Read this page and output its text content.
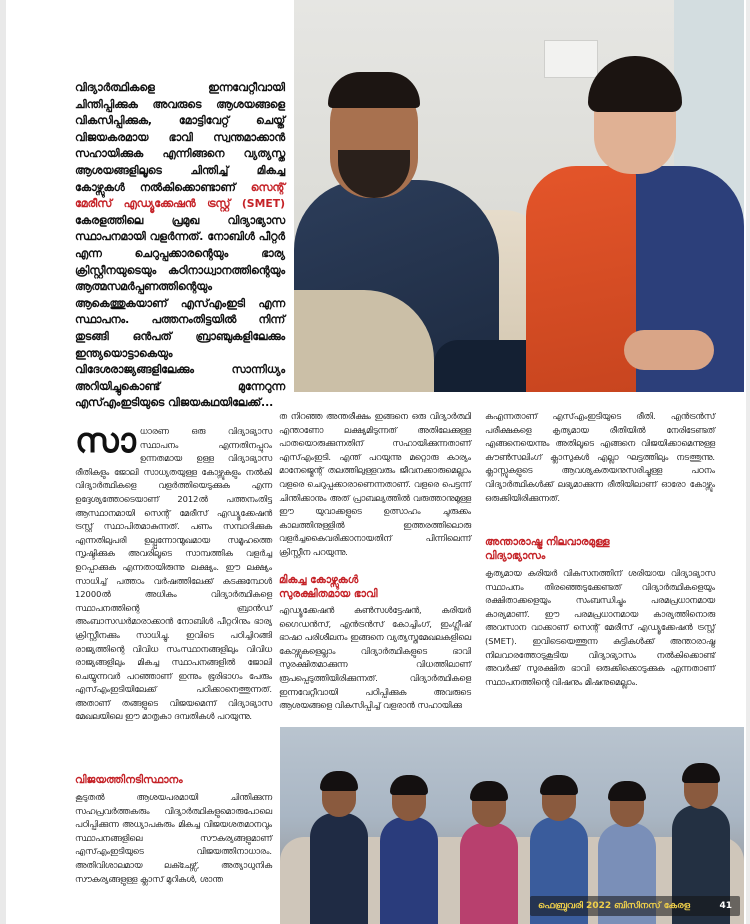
വിദ്യാർത്ഥികളെ ഇന്നവേറ്റീവായി ചിന്തിപ്പിക്കുക അവരുടെ ആശയങ്ങളെ വികസിപ്പിക്കുക, മോട്ടിവേറ്റ് ചെയ്ത് വിജയകരമായ ഭാവി സ്വന്തമാക്കാൻ സഹായിക്കുക എന്നിങ്ങനെ വ്യത്യസ്ത ആശയങ്ങളിലൂടെ ചിന്തിച്ച് മികച്ച കോഴ്സുകൾ നൽകിക്കൊണ്ടാണ് സെന്റ് മേരീസ് എഡ്യൂക്കേഷൻ ട്രസ്റ്റ് (SMET) കേരളത്തിലെ പ്രമുഖ വിദ്യാഭ്യാസ സ്ഥാപനമായി വളർന്നത്. നോബിൾ പീറ്റർ എന്ന ചെറുപ്പക്കാരന്റെയും ഭാര്യ ക്രിസ്റ്റീനയുടെയും കഠിനാധ്വാനത്തിന്റെയും ആത്മസമർപ്പണത്തിന്റെയും ആകെത്തുകയാണ് എസ്എംഇടി എന്ന സ്ഥാപനം. പത്തനംതിട്ടയിൽ നിന്ന് തുടങ്ങി ഒൻപത് ബ്രാഞ്ചുകളിലേക്കും ഇന്ത്യയൊട്ടാകെയും വിദേശരാജ്യങ്ങളിലേക്കും സാന്നിധ്യം അറിയിച്ചുകൊണ്ട് മുന്നേറുന്ന എസ്എംഇടിയുടെ വിജയകഥയിലേക്ക്...

സാധാരണ ഒരു വിദ്യാഭ്യാസ സ്ഥാപനം എന്നതിനപ്പുറം ഉന്നതമായ ഉള്ള വിദ്യാഭ്യാസ രീതികളും ജോലി സാധ്യതയുള്ള കോഴ്സുകളും നൽകി വിദ്യാർത്ഥികളെ വളർത്തിയെടുക്കുക എന്ന ഉദ്ദേശ്യത്തോടെയാണ് 2012ൽ പത്തനംതിട്ട ആസ്ഥാനമായി സെന്റ് മേരീസ് എഡ്യൂക്കേഷൻ ട്രസ്റ്റ് സ്ഥാപിതമാകുന്നത്. പണം സമ്പാദിക്കുക എന്നതിലുപരി ഉല്പ്പന്നോന്മുഖമായ സമൂഹത്തെ സൃഷ്ടിക്കുക അവരിലൂടെ സാമ്പത്തിക വളർച്ച ഉറപ്പാക്കുക എന്നതായിരുന്നു ലക്ഷ്യം. ഈ ലക്ഷ്യം സാധിച്ച് പത്താം വർഷത്തിലേക്ക് കടക്കുമ്പോൾ 12000ൽ അധികം വിദ്യാർത്ഥികളെ സ്ഥാപനത്തിന്റെ ബ്രാൻഡ് അംബാസഡർമാരാക്കാൻ നോബിൾ പീറ്ററിനും ഭാര്യ ക്രിസ്റ്റീനക്കും സാധിച്ചു. ഇവിടെ പഠിച്ചിറങ്ങി രാജ്യത്തിന്റെ വിവിധ സംസ്ഥാനങ്ങളിലും വിവിധ രാജ്യങ്ങളിലും മികച്ച സ്ഥാപനങ്ങളിൽ ജോലി ചെയ്യുന്നവർ പറഞ്ഞാണ് ഇന്നും ഭൂരിഭാഗം പേരും എസ്എംഇടിയിലേക്ക് പഠിക്കാനെത്തുന്നത്. അതാണ് തങ്ങളുടെ വിജയമെന്ന് വിദ്യാഭ്യാസ മേഖലയിലെ ഈ മാതൃകാ ദമ്പതികൾ പറയുന്നു.

വിജയത്തിനടിസ്ഥാനം

കൂടുതൽ ആശയപരമായി ചിന്തിക്കുന്ന സഹപ്രവർത്തകരും വിദ്യാർത്ഥികളുമൊരുപോലെ പഠിപ്പിക്കുന്ന അധ്യാപകരും മികച്ച വിജയശതമാനവും സ്ഥാപനങ്ങളിലെ സൗകര്യങ്ങളുമാണ് എസ്എംഇടിയുടെ വിജയത്തിനാധാരം. അതിവിശാലമായ ലക്ചേഴ്സ്, അത്യാധുനിക സൗകര്യങ്ങളുള്ള ക്ലാസ് മുറികൾ, ശാന്ത

ത നിറഞ്ഞ അന്തരീക്ഷം ഇങ്ങനെ ഒരു വിദ്യാർത്ഥി എന്താണോ ലക്ഷ്യമിടുന്നത് അതിലേക്കുള്ള പാതയൊരുക്കുന്നതിന് സഹായിക്കുന്നതാണ് എസ്എംഇടി. എന്ത് പറയുന്നു മറ്റൊരു കാര്യം മാനേജ്മെന്റ് തലത്തിലുള്ളവരും ജീവനക്കാരുമെല്ലാം വളരെ ചെറുപ്പക്കാരാണെന്നതാണ്. വളരെ പെട്ടന്ന് ചിന്തിക്കാനും അത് പ്രാബല്യത്തിൽ വരുത്താനുമുള്ള ഈ യുവാക്കളുടെ ഉത്സാഹം ചുരുക്കം കാലത്തിനുള്ളിൽ ഇത്തരത്തിലൊരു വളർച്ചകൈവരിക്കാനായതിന് പിന്നിലെന്ന് ക്രിസ്റ്റീന പറയുന്നു.

മികച്ച കോഴ്സുകൾ

സുരക്ഷിതമായ ഭാവി

എഡ്യൂക്കേഷൻ കൺസൾട്ടേഷൻ, കരിയർ ഗൈഡൻസ്, എൻട്രൻസ് കോച്ചിംഗ്, ഇംഗ്ലീഷ് ഭാഷാ പരിശീലനം ഇങ്ങനെ വ്യത്യസ്തമേഖലകളിലെ കോഴ്സുകളെല്ലാം വിദ്യാർത്ഥികളുടെ ഭാവി സുരക്ഷിതമാക്കുന്ന വിധത്തിലാണ് രൂപപ്പെടുത്തിയിരിക്കുന്നത്. വിദ്യാർത്ഥികളെ ഇന്നവേറ്റീവായി പഠിപ്പിക്കുക അവരുടെ ആശയങ്ങളെ വികസിപ്പിച്ച് വളരാൻ സഹായിക്കു

കഎന്നതാണ് എസ്എംഇടിയുടെ രീതി. എൻട്രൻസ് പരീക്ഷകളെ കൃത്യമായ രീതിയിൽ നേരിടേണ്ടത് എങ്ങനെയെന്നും അതിലൂടെ എങ്ങനെ വിജയിക്കാമെന്നുള്ള കൗൺസലിംഗ് ക്ലാസുകൾ എല്ലാ ഘട്ടത്തിലും നടത്തുന്നു. ക്ലാസ്സുകളുടെ ആവശ്യകതയനുസരിച്ചുള്ള പഠനം വിദ്യാർത്ഥികൾക്ക് ലഭ്യമാക്കുന്ന രീതിയിലാണ് ഓരോ കോഴ്സും ഒരുക്കിയിരിക്കുന്നത്.

അന്താരാഷ്ട്ര നിലവാരമുള്ള

വിദ്യാഭ്യാസം

കൃത്യമായ കരിയർ വികസനത്തിന് ശരിയായ വിദ്യാഭ്യാസ സ്ഥാപനം തിരഞ്ഞെടുക്കേണ്ടത് വിദ്യാർത്ഥികളെയും രക്ഷിതാക്കളെയും സംബന്ധിച്ചും പരമപ്രധാനമായ കാര്യമാണ്. ഈ പരമപ്രധാനമായ കാര്യത്തിനൊരു അവസാന വാക്കാണ് സെന്റ് മേരീസ് എഡ്യൂക്കേഷൻ ട്രസ്റ്റ് (SMET). ഇവിടെയെത്തുന്ന കുട്ടികൾക്ക് അന്താരാഷ്ട്ര നിലവാരത്തോടുകൂടിയ വിദ്യാഭ്യാസം നൽകിക്കൊണ്ട് അവർക്ക് സുരക്ഷിത ഭാവി ഒരുക്കിക്കൊടുക്കുക എന്നതാണ് സ്ഥാപനത്തിന്റെ വിഷനും മിഷനുമെല്ലാം.

ഫെബ്രുവരി 2022 ബിസിനസ് കേരള	41
